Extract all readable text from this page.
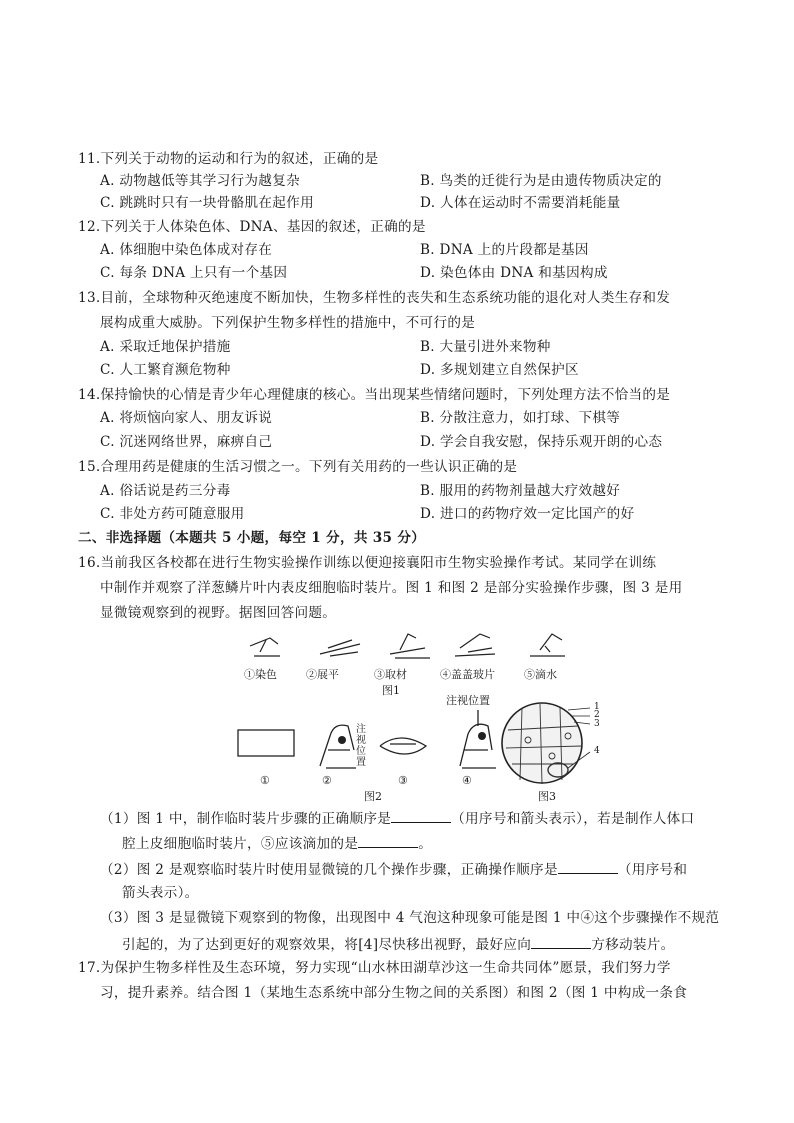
11.下列关于动物的运动和行为的叙述，正确的是
A. 动物越低等其学习行为越复杂	B. 鸟类的迁徙行为是由遗传物质决定的
C. 跳跳时只有一块骨骼肌在起作用	D. 人体在运动时不需要消耗能量
12.下列关于人体染色体、DNA、基因的叙述，正确的是
A. 体细胞中染色体成对存在	B. DNA 上的片段都是基因
C. 每条 DNA 上只有一个基因	D. 染色体由 DNA 和基因构成
13.目前，全球物种灭绝速度不断加快，生物多样性的丧失和生态系统功能的退化对人类生存和发
展构成重大威胁。下列保护生物多样性的措施中，不可行的是
A. 采取迁地保护措施	B. 大量引进外来物种
C. 人工繁育濒危物种	D. 多规划建立自然保护区
14.保持愉快的心情是青少年心理健康的核心。当出现某些情绪问题时，下列处理方法不恰当的是
A. 将烦恼向家人、朋友诉说	B. 分散注意力，如打球、下棋等
C. 沉迷网络世界，麻痹自己	D. 学会自我安慰，保持乐观开朗的心态
15.合理用药是健康的生活习惯之一。下列有关用药的一些认识正确的是
A. 俗话说是药三分毒	B. 服用的药物剂量越大疗效越好
C. 非处方药可随意服用	D. 进口的药物疗效一定比国产的好
二、非选择题（本题共 5 小题，每空 1 分，共 35 分）
16.当前我区各校都在进行生物实验操作训练以便迎接襄阳市生物实验操作考试。某同学在训练
中制作并观察了洋葱鳞片叶内表皮细胞临时装片。图 1 和图 2 是部分实验操作步骤，图 3 是用
显微镜观察到的视野。据图回答问题。
①染色	②展平	③取材	④盖盖玻片	⑤滴水
图1
注视位置
注视位置
①	②	③	④
图2
1
2
3
4
图3
（1）图 1 中，制作临时装片步骤的正确顺序是	（用序号和箭头表示），若是制作人体口
腔上皮细胞临时装片，⑤应该滴加的是	。
（2）图 2 是观察临时装片时使用显微镜的几个操作步骤，正确操作顺序是	（用序号和
箭头表示）。
（3）图 3 是显微镜下观察到的物像，出现图中 4 气泡这种现象可能是图 1 中④这个步骤操作不规范
引起的，为了达到更好的观察效果，将[4]尽快移出视野，最好应向	方移动装片。
17.为保护生物多样性及生态环境，努力实现“山水林田湖草沙这一生命共同体”愿景，我们努力学
习，提升素养。结合图 1（某地生态系统中部分生物之间的关系图）和图 2（图 1 中构成一条食
